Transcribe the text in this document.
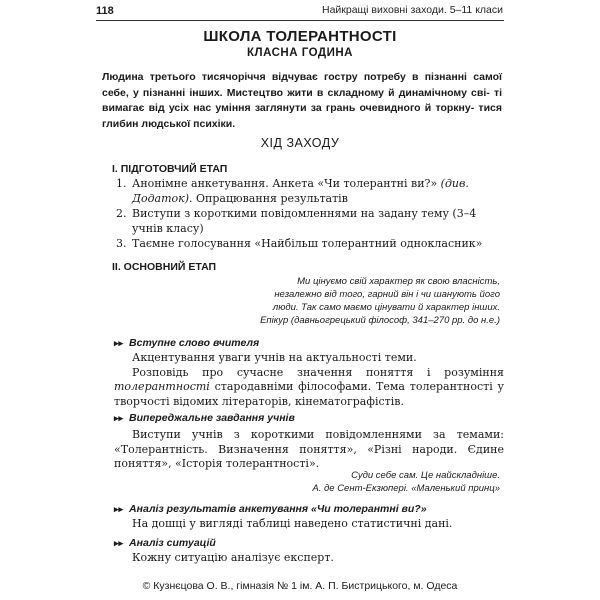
118	Найкращі виховні заходи. 5–11 класи
ШКОЛА ТОЛЕРАНТНОСТІ
КЛАСНА ГОДИНА
Людина третього тисячоріччя відчуває гостру потребу в пізнанні самої себе, у пізнанні інших. Мистецтво жити в складному й динамічному сві- ті вимагає від усіх нас уміння заглянути за грань очевидного й торкну- тися глибин людської психіки.
ХІД ЗАХОДУ
I. ПІДГОТОВЧИЙ ЕТАП
1. Анонімне анкетування. Анкета «Чи толерантні ви?» (див. Додаток). Опрацювання результатів
2. Виступи з короткими повідомленнями на задану тему (3–4 учнів класу)
3. Таємне голосування «Найбільш толерантний однокласник»
II. ОСНОВНИЙ ЕТАП
Ми цінуємо свій характер як свою власність,
незалежно від того, гарний він і чи шанують його
люди. Так само маємо цінувати й характер інших.
Епікур (давньогрецький філософ, 341–270 рр. до н.е.)
▸▸ Вступне слово вчителя
Акцентування уваги учнів на актуальності теми.
Розповідь про сучасне значення поняття і розуміння толерантності стародавніми філософами. Тема толерантності у творчості відомих літераторів, кінематографістів.
▸▸ Випереджальне завдання учнів
Виступи учнів з короткими повідомленнями за темами: «Толерантність. Визначення поняття», «Різні народи. Єдине поняття», «Історія толерантності».
Суди себе сам. Це найскладніше.
А. де Сент-Екзюпері. «Маленький принц»
▸▸ Аналіз результатів анкетування «Чи толерантні ви?»
На дошці у вигляді таблиці наведено статистичні дані.
▸▸ Аналіз ситуацій
Кожну ситуацію аналізує експерт.
© Кузнєцова О. В., гімназія № 1 ім. А. П. Бистрицького, м. Одеса
